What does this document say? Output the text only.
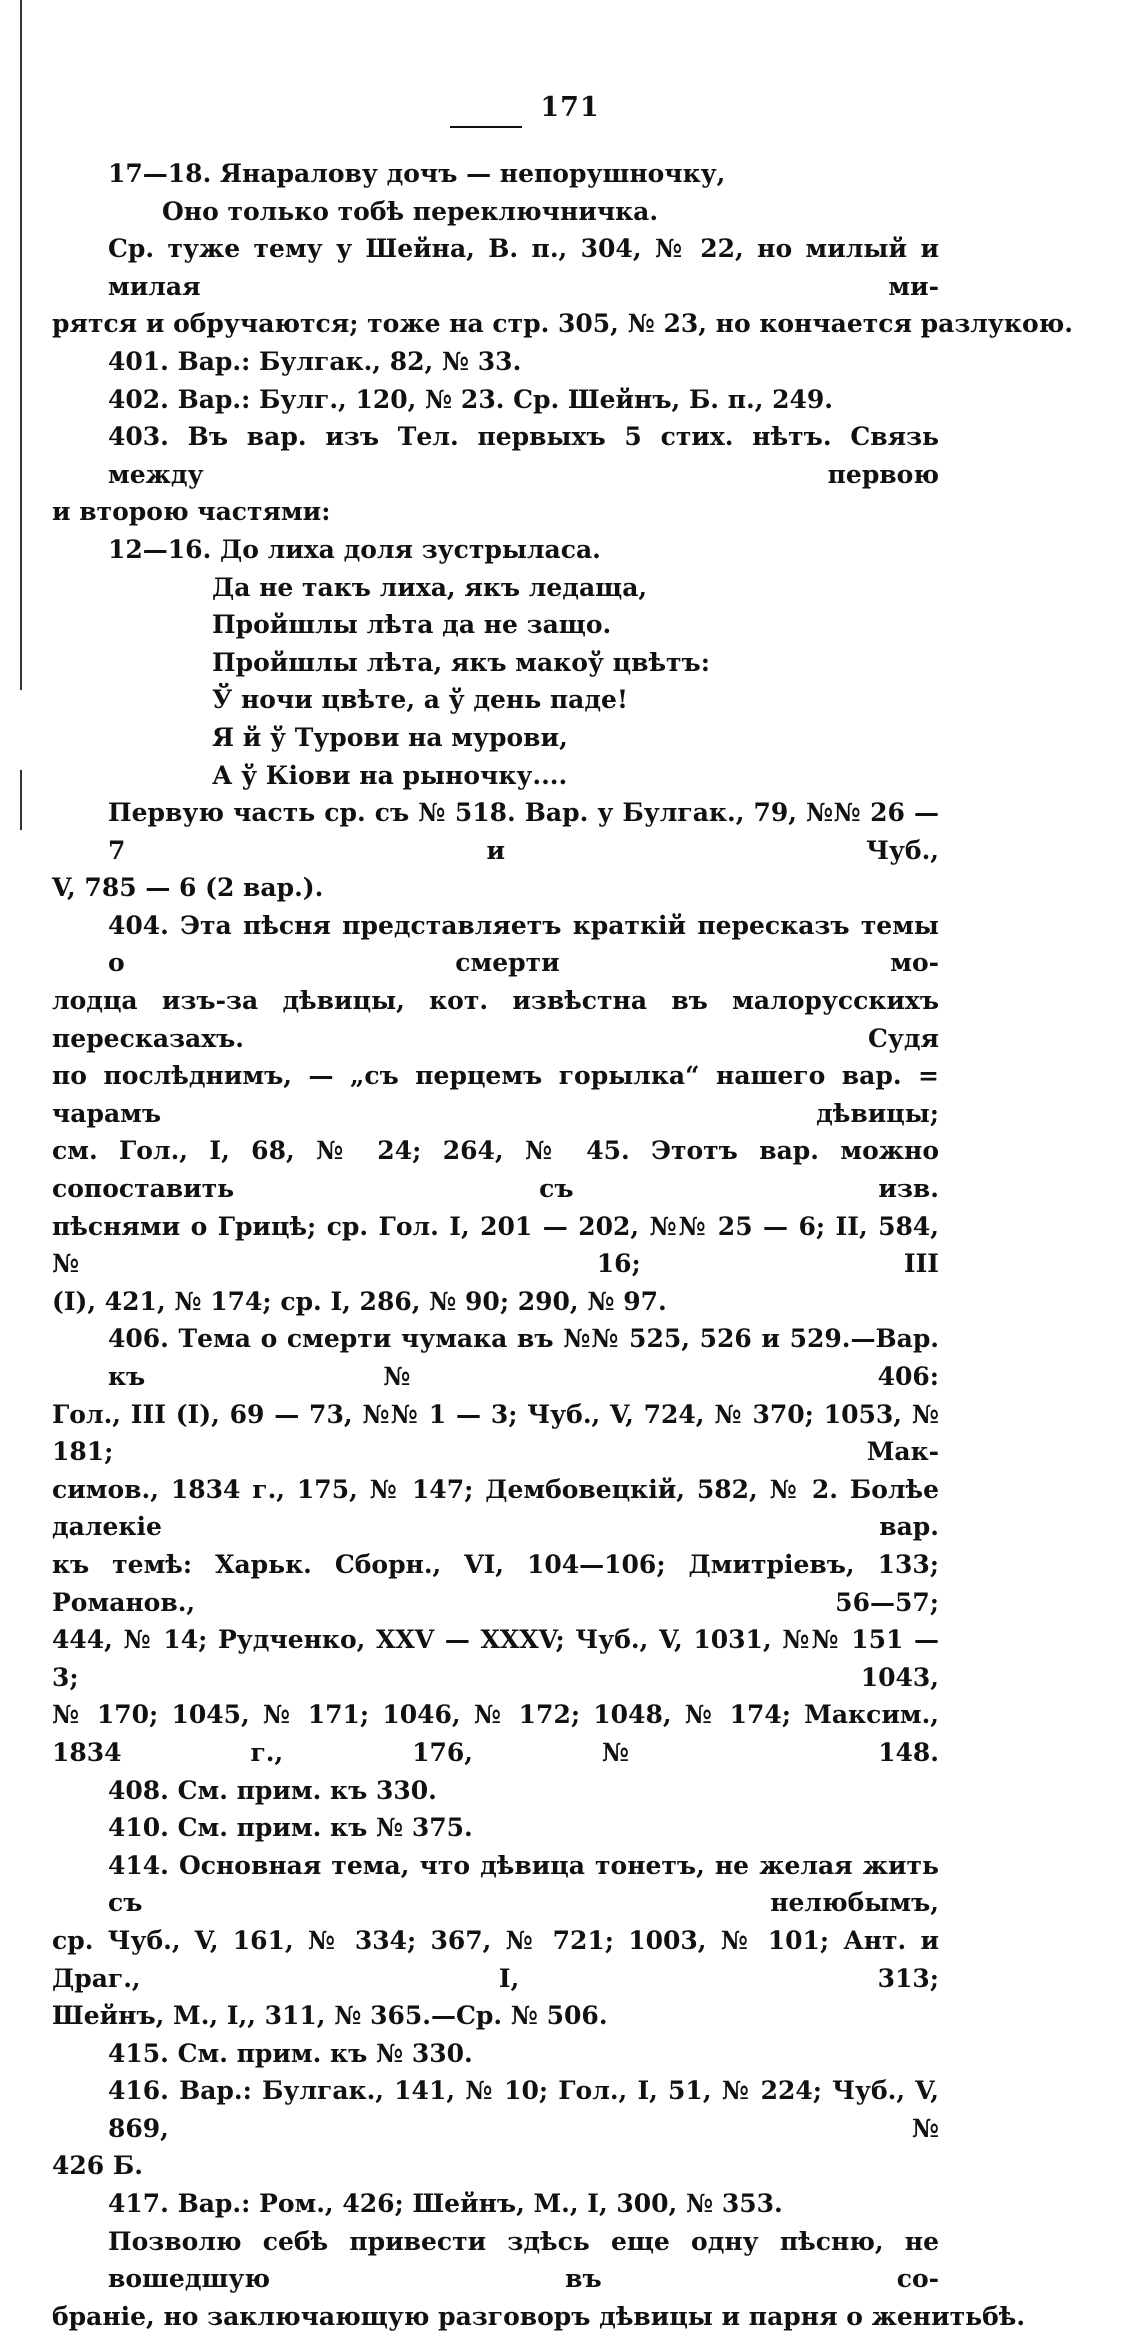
171
17—18. Янаралову дочъ — непорушночку,
Оно только тобѣ переключничка.
Ср. туже тему у Шейна, В. п., 304, № 22, но милый и милая ми-
рятся и обручаются; тоже на стр. 305, № 23, но кончается разлукою.
401. Вар.: Булгак., 82, № 33.
402. Вар.: Булг., 120, № 23. Ср. Шейнъ, Б. п., 249.
403. Въ вар. изъ Тел. первыхъ 5 стих. нѣтъ. Связь между первою
и второю частями:
12—16. До лиха доля зустрылаcа.
Да не такъ лиха, якъ ледаща,
Пройшлы лѣта да не защо.
Пройшлы лѣта, якъ макоў цвѣтъ:
Ў ночи цвѣте, а ў день паде!
Я й ў Турови на мурови,
А ў Кіови на рыночку....
Первую часть ср. съ № 518. Вар. у Булгак., 79, №№ 26 — 7 и Чуб.,
V, 785 — 6 (2 вар.).
404. Эта пѣсня представляетъ краткій пересказъ темы о смерти мо-
лодца изъ-за дѣвицы, кот. извѣстна въ малорусскихъ пересказахъ. Судя
по послѣднимъ, — „съ перцемъ горылка“ нашего вар. = чарамъ дѣвицы;
см. Гол., I, 68, № 24; 264, № 45. Этотъ вар. можно сопоставить съ изв.
пѣснями о Грицѣ; ср. Гол. I, 201 — 202, №№ 25 — 6; II, 584, № 16; III
(I), 421, № 174; ср. I, 286, № 90; 290, № 97.
406. Тема о смерти чумака въ №№ 525, 526 и 529.—Вар. къ № 406:
Гол., III (I), 69 — 73, №№ 1 — 3; Чуб., V, 724, № 370; 1053, № 181; Мак-
симов., 1834 г., 175, № 147; Дембовецкій, 582, № 2. Болѣе далекіе вар.
къ темѣ: Харьк. Сборн., VI, 104—106; Дмитріевъ, 133; Романов., 56—57;
444, № 14; Рудченко, XXV — XXXV; Чуб., V, 1031, №№ 151 — 3; 1043,
№ 170; 1045, № 171; 1046, № 172; 1048, № 174; Максим., 1834 г., 176, № 148.
408. См. прим. къ 330.
410. См. прим. къ № 375.
414. Основная тема, что дѣвица тонетъ, не желая жить съ нелюбымъ,
ср. Чуб., V, 161, № 334; 367, № 721; 1003, № 101; Ант. и Драг., I, 313;
Шейнъ, М., I,, 311, № 365.—Ср. № 506.
415. См. прим. къ № 330.
416. Вар.: Булгак., 141, № 10; Гол., I, 51, № 224; Чуб., V, 869, №
426 Б.
417. Вар.: Ром., 426; Шейнъ, М., I, 300, № 353.
Позволю себѣ привести здѣсь еще одну пѣсню, не вошедшую въ со-
браніе, но заключающую разговоръ дѣвицы и парня о женитьбѣ.
